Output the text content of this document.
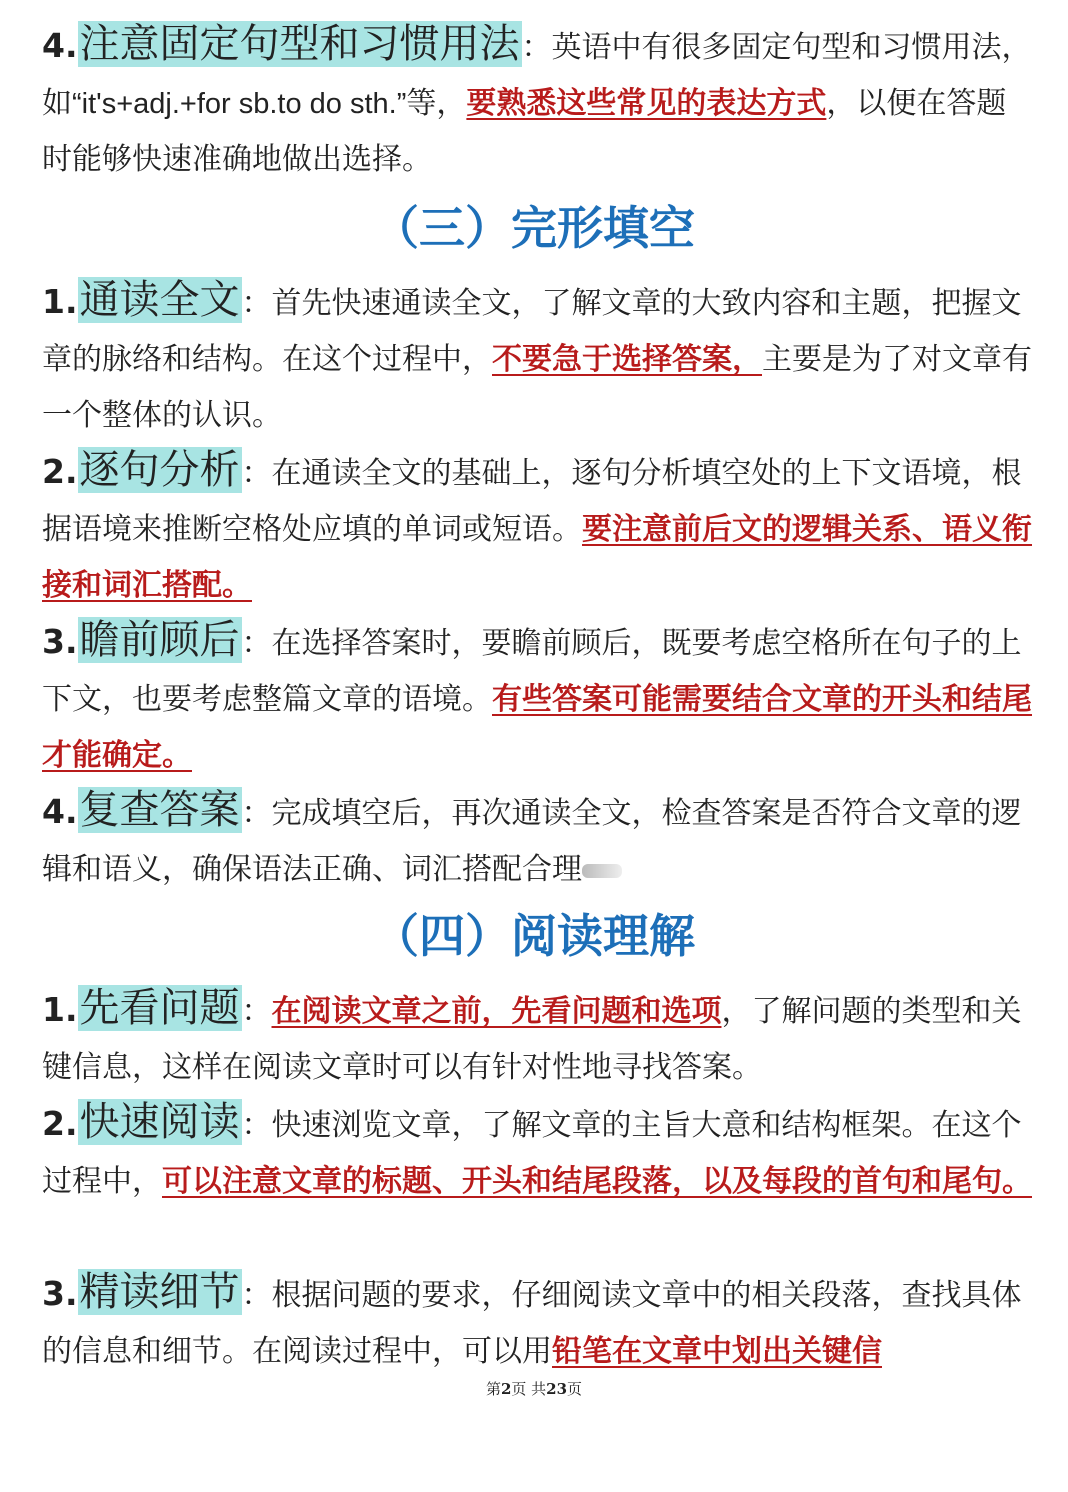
4.注意固定句型和习惯用法：英语中有很多固定句型和习惯用法，如“it's+adj.+for sb.to do sth.”等，要熟悉这些常见的表达方式，以便在答题时能够快速准确地做出选择。

（三）完形填空

1.通读全文：首先快速通读全文，了解文章的大致内容和主题，把握文章的脉络和结构。在这个过程中，不要急于选择答案，主要是为了对文章有一个整体的认识。

2.逐句分析：在通读全文的基础上，逐句分析填空处的上下文语境，根据语境来推断空格处应填的单词或短语。要注意前后文的逻辑关系、语义衔接和词汇搭配。

3.瞻前顾后：在选择答案时，要瞻前顾后，既要考虑空格所在句子的上下文，也要考虑整篇文章的语境。有些答案可能需要结合文章的开头和结尾才能确定。

4.复查答案：完成填空后，再次通读全文，检查答案是否符合文章的逻辑和语义，确保语法正确、词汇搭配合理

（四）阅读理解

1.先看问题：在阅读文章之前，先看问题和选项，了解问题的类型和关键信息，这样在阅读文章时可以有针对性地寻找答案。

2.快速阅读：快速浏览文章，了解文章的主旨大意和结构框架。在这个过程中，可以注意文章的标题、开头和结尾段落，以及每段的首句和尾句。

3.精读细节：根据问题的要求，仔细阅读文章中的相关段落，查找具体的信息和细节。在阅读过程中，可以用铅笔在文章中划出关键信

第2页 共23页
